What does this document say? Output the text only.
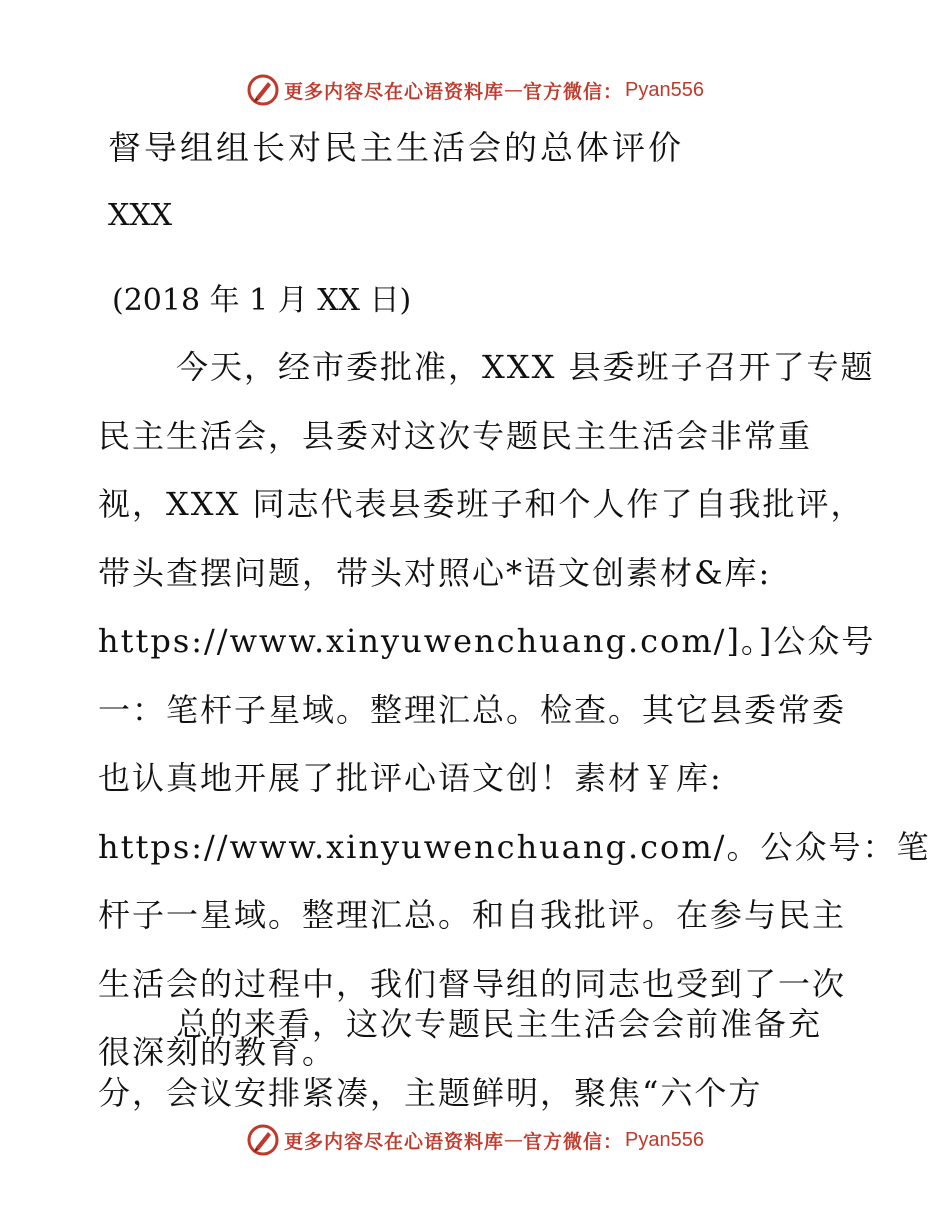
更多内容尽在心语资料库 — 官方微信： Pyan556
督导组组长对民主生活会的总体评价
XXX
(2018 年 1 月 XX 日)
今天，经市委批准，XXX 县委班子召开了专题
民主生活会，县委对这次专题民主生活会非常重
视，XXX 同志代表县委班子和个人作了自我批评，
带头查摆问题，带头对照心*语文创素材&库:
https://www.xinyuwenchuang.com/]。]公众号
一：笔杆子星域。整理汇总。检查。其它县委常委
也认真地开展了批评心语文创！素材￥库:
https://www.xinyuwenchuang.com/。公众号：笔
杆子一星域。整理汇总。和自我批评。在参与民主
生活会的过程中，我们督导组的同志也受到了一次
很深刻的教育。
总的来看，这次专题民主生活会会前准备充
分，会议安排紧凑，主题鲜明，聚焦“六个方
更多内容尽在心语资料库 — 官方微信： Pyan556
